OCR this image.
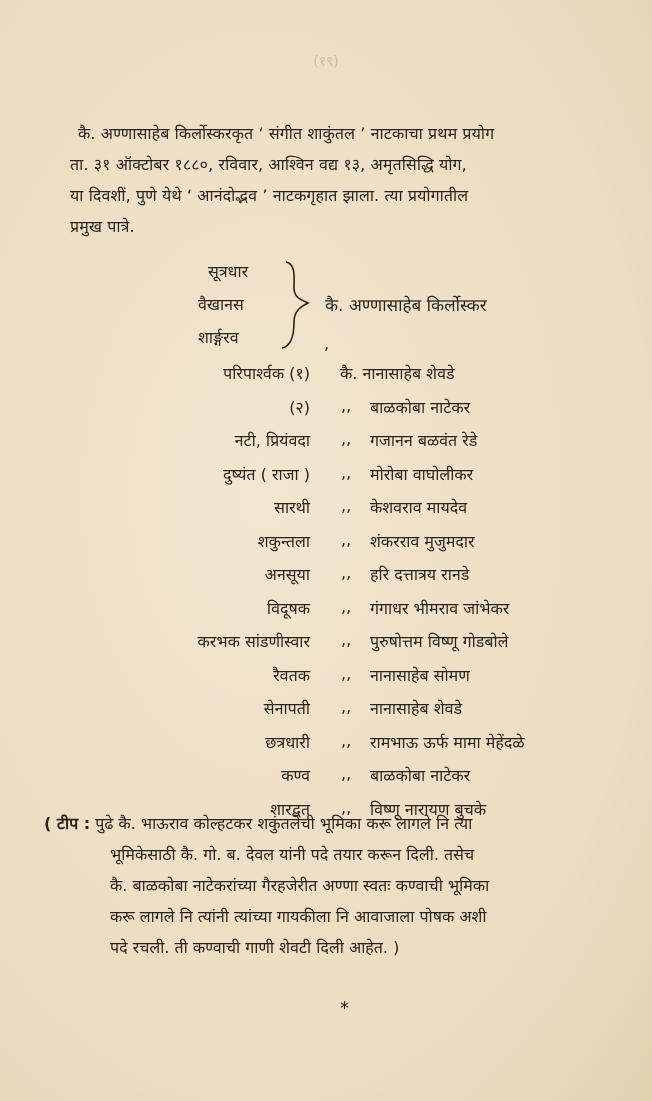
(१९)

कै. अण्णासाहेब किर्लोस्करकृत ‘ संगीत शाकुंतल ’ नाटकाचा प्रथम प्रयोग

ता. ३१ ऑक्टोबर १८८०, रविवार, आश्विन वद्य १३, अमृतसिद्धि योग,

या दिवशीं, पुणे येथे ‘ आनंदोद्भव ’ नाटकगृहात झाला. त्या प्रयोगातील

प्रमुख पात्रे.

सूत्रधार
वैखानस
शार्ङ्गरव
कै. अण्णासाहेब किर्लोस्कर
,
परिपार्श्वक (१) कै. नानासाहेब शेवडे
(२) ,, बाळकोबा नाटेकर
नटी, प्रियंवदा ,, गजानन बळवंत रेडे
दुष्यंत ( राजा ) ,, मोरोबा वाघोलीकर
सारथी ,, केशवराव मायदेव
शकुन्तला ,, शंकरराव मुजुमदार
अनसूया ,, हरि दत्तात्रय रानडे
विदूषक ,, गंगाधर भीमराव जांभेकर
करभक सांडणीस्वार ,, पुरुषोत्तम विष्णू गोडबोले
रैवतक ,, नानासाहेब सोमण
सेनापती ,, नानासाहेब शेवडे
छत्रधारी ,, रामभाऊ ऊर्फ मामा मेहेंदळे
कण्व ,, बाळकोबा नाटेकर
शारद्वत ,, विष्णू नारायण बुचके

( टीप : पुढे कै. भाऊराव कोल्हटकर शकुंतलेची भूमिका करू लागले नि त्या

भूमिकेसाठी कै. गो. ब. देवल यांनी पदे तयार करून दिली. तसेच

कै. बाळकोबा नाटेकरांच्या गैरहजेरीत अण्णा स्वतः कण्वाची भूमिका

करू लागले नि त्यांनी त्यांच्या गायकीला नि आवाजाला पोषक अशी

पदे रचली. ती कण्वाची गाणी शेवटी दिली आहेत. )

*
